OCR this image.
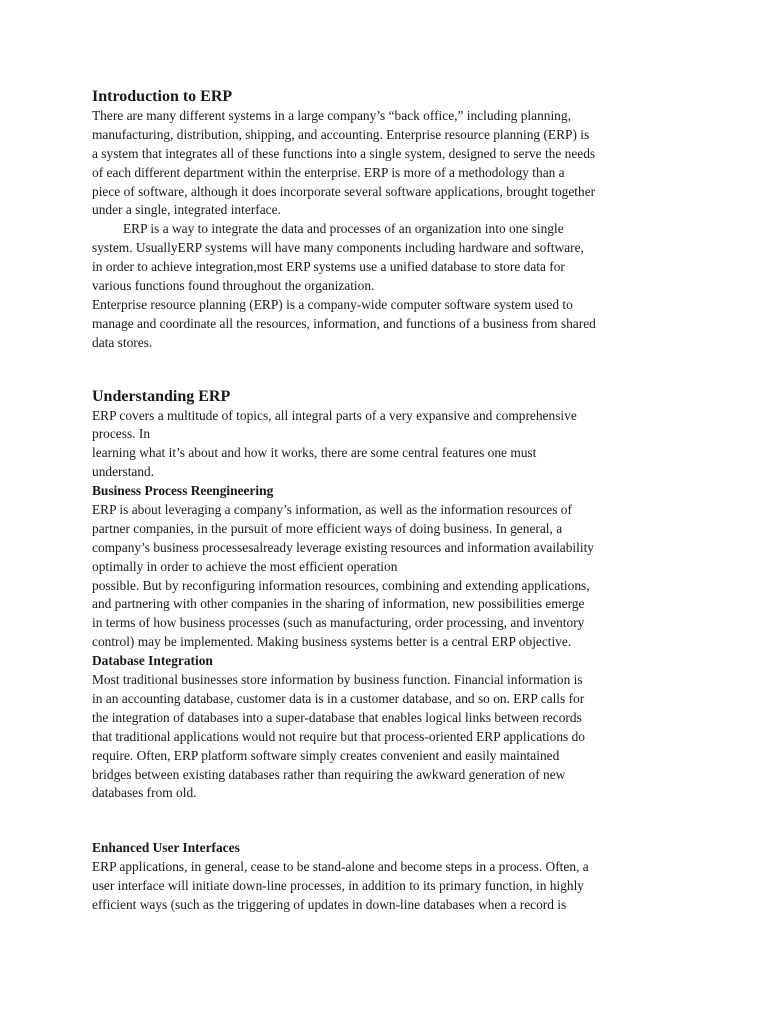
Introduction to ERP
There are many different systems in a large company’s “back office,” including planning,
manufacturing, distribution, shipping, and accounting. Enterprise resource planning (ERP) is
a system that integrates all of these functions into a single system, designed to serve the needs
of each different department within the enterprise. ERP is more of a methodology than a
piece of software, although it does incorporate several software applications, brought together
under a single, integrated interface.
ERP is a way to integrate the data and processes of an organization into one single
system. UsuallyERP systems will have many components including hardware and software,
in order to achieve integration,most ERP systems use a unified database to store data for
various functions found throughout the organization.
Enterprise resource planning (ERP) is a company-wide computer software system used to
manage and coordinate all the resources, information, and functions of a business from shared
data stores.
Understanding ERP
ERP covers a multitude of topics, all integral parts of a very expansive and comprehensive
process. In
learning what it’s about and how it works, there are some central features one must
understand.
Business Process Reengineering
ERP is about leveraging a company’s information, as well as the information resources of
partner companies, in the pursuit of more efficient ways of doing business. In general, a
company’s business processesalready leverage existing resources and information availability
optimally in order to achieve the most efficient operation
possible. But by reconfiguring information resources, combining and extending applications,
and partnering with other companies in the sharing of information, new possibilities emerge
in terms of how business processes (such as manufacturing, order processing, and inventory
control) may be implemented. Making business systems better is a central ERP objective.
Database Integration
Most traditional businesses store information by business function. Financial information is
in an accounting database, customer data is in a customer database, and so on. ERP calls for
the integration of databases into a super-database that enables logical links between records
that traditional applications would not require but that process-oriented ERP applications do
require. Often, ERP platform software simply creates convenient and easily maintained
bridges between existing databases rather than requiring the awkward generation of new
databases from old.
Enhanced User Interfaces
ERP applications, in general, cease to be stand-alone and become steps in a process. Often, a
user interface will initiate down-line processes, in addition to its primary function, in highly
efficient ways (such as the triggering of updates in down-line databases when a record is
